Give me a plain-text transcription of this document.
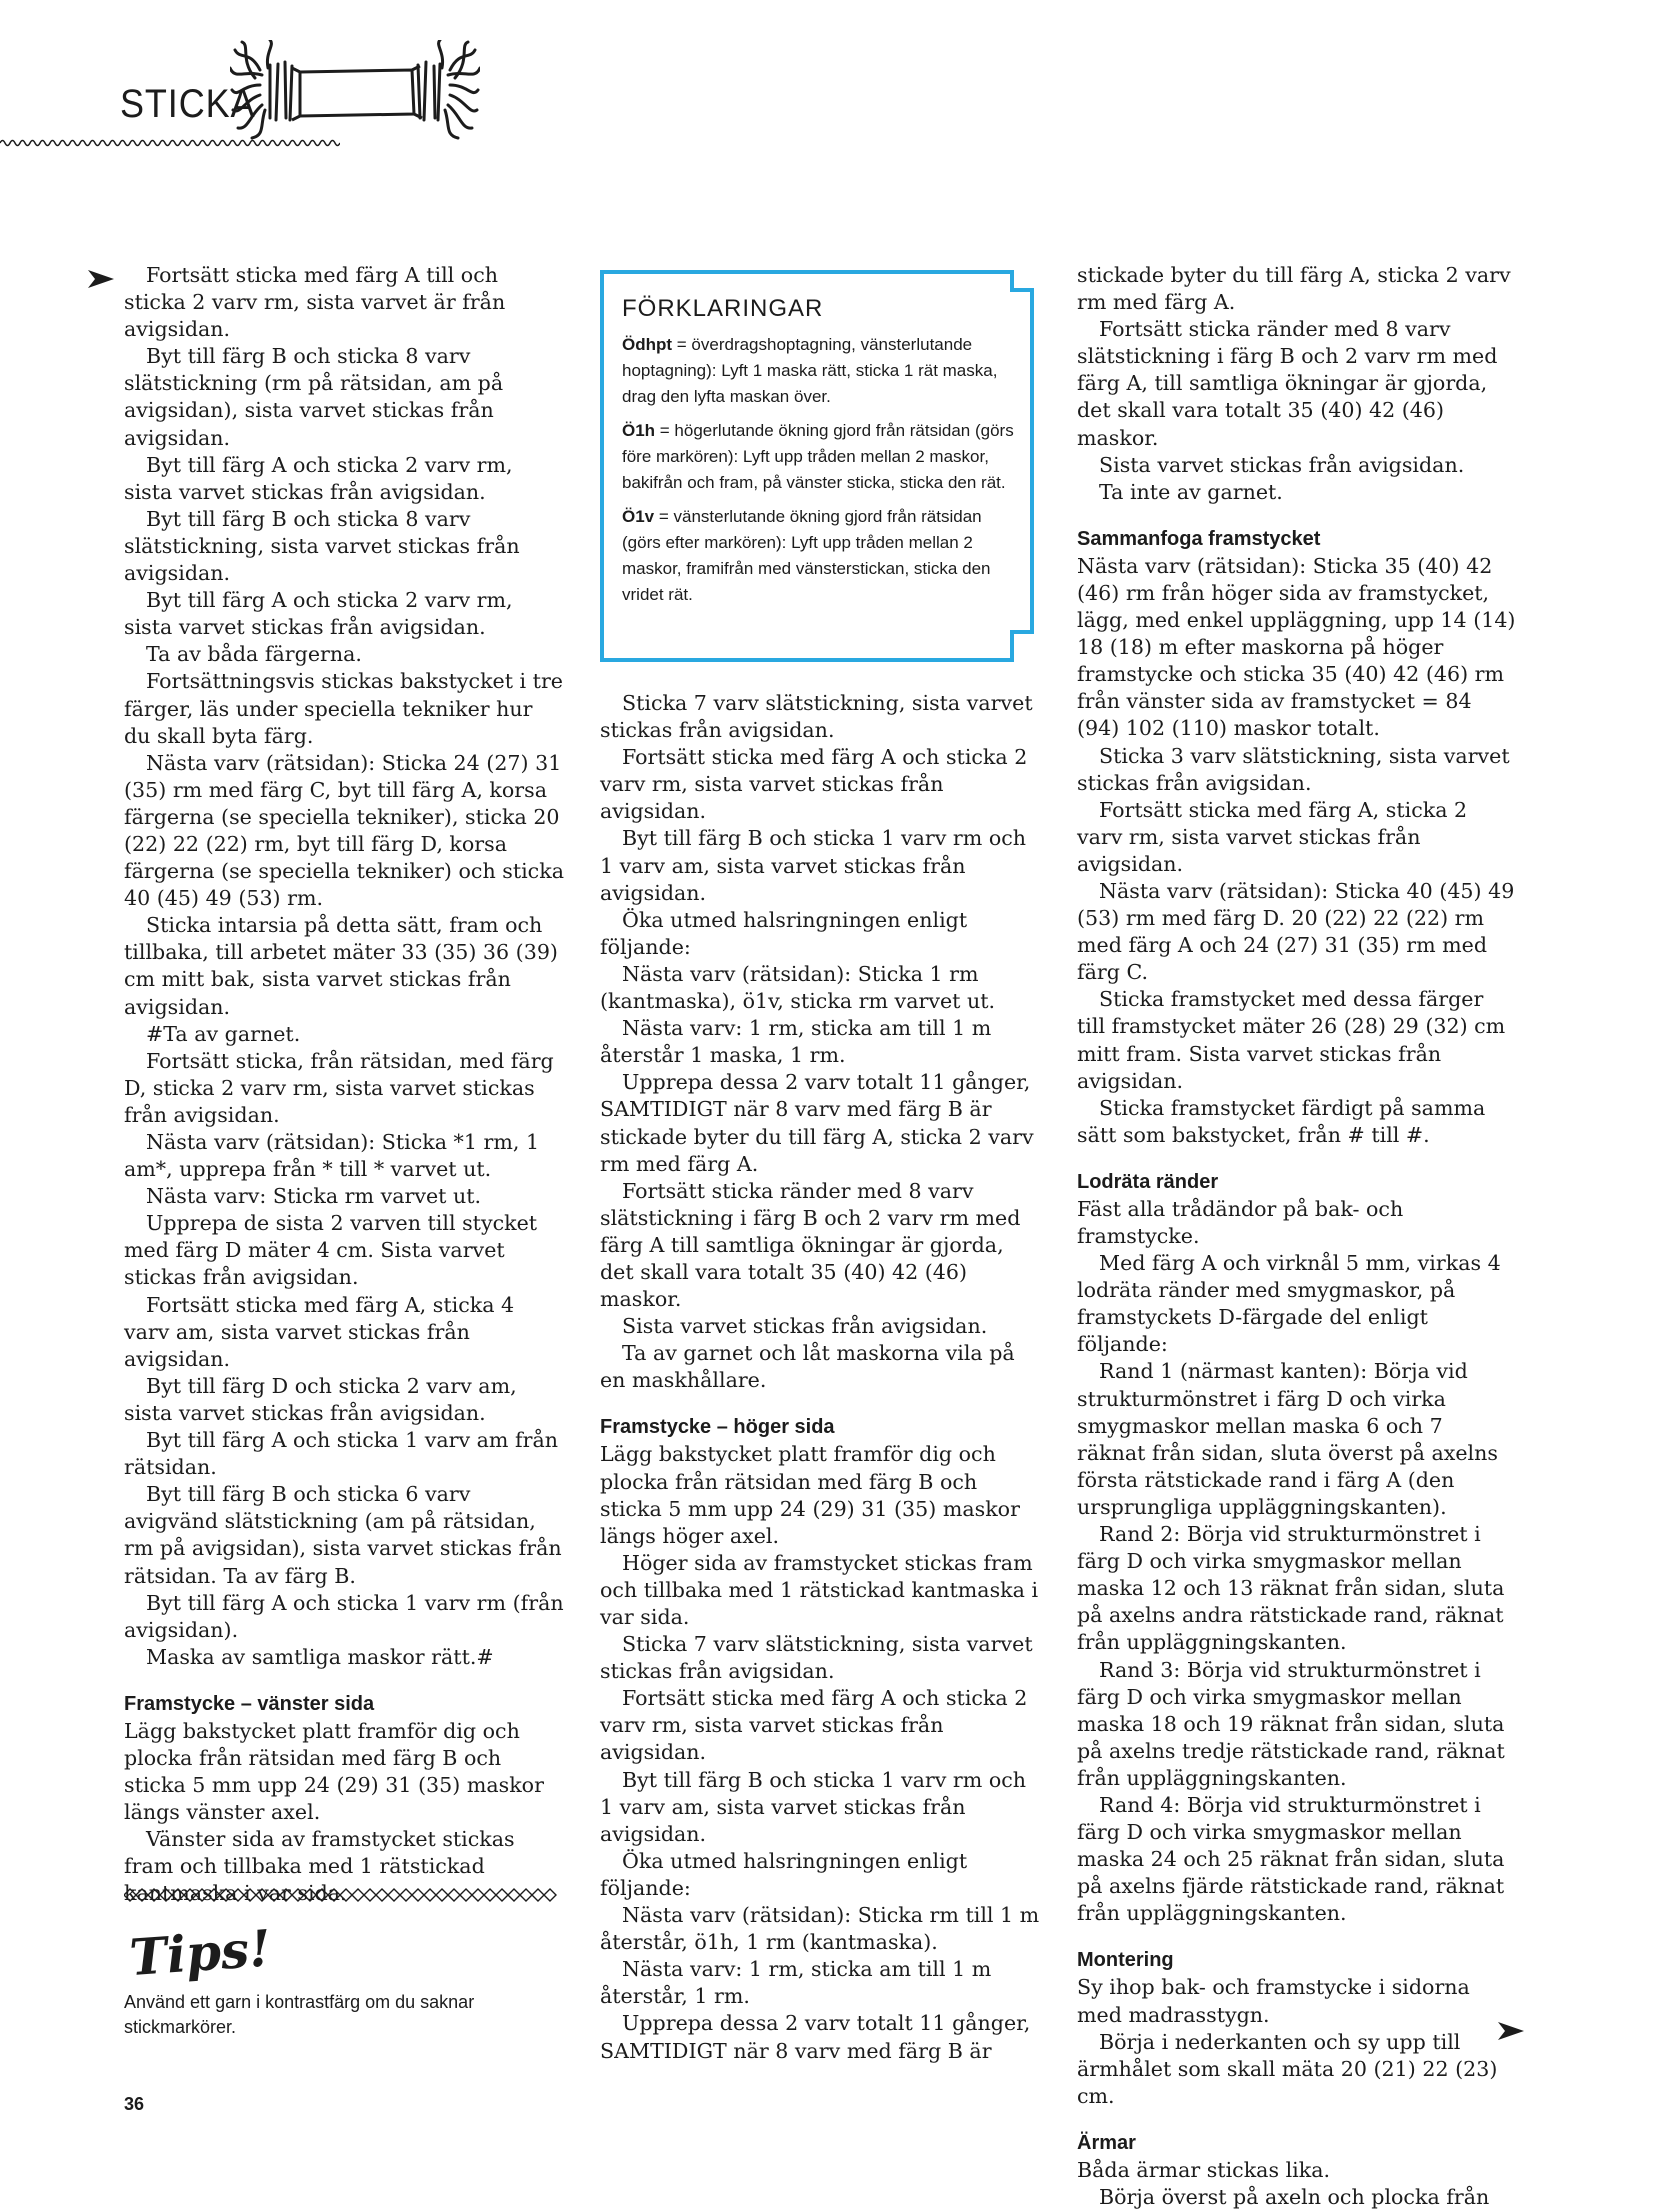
STICKA

Fortsätt sticka med färg A till och sticka 2 varv rm, sista varvet är från avigsidan.

Byt till färg B och sticka 8 varv slätstickning (rm på rätsidan, am på avigsidan), sista varvet stickas från avigsidan.

Byt till färg A och sticka 2 varv rm, sista varvet stickas från avigsidan.

Byt till färg B och sticka 8 varv slätstickning, sista varvet stickas från avigsidan.

Byt till färg A och sticka 2 varv rm, sista varvet stickas från avigsidan.

Ta av båda färgerna.

Fortsättningsvis stickas bakstycket i tre färger, läs under speciella tekniker hur du skall byta färg.

Nästa varv (rätsidan): Sticka 24 (27) 31 (35) rm med färg C, byt till färg A, korsa färgerna (se speciella tekniker), sticka 20 (22) 22 (22) rm, byt till färg D, korsa färgerna (se speciella tekniker) och sticka 40 (45) 49 (53) rm.

Sticka intarsia på detta sätt, fram och tillbaka, till arbetet mäter 33 (35) 36 (39) cm mitt bak, sista varvet stickas från avigsidan.

#Ta av garnet.

Fortsätt sticka, från rätsidan, med färg D, sticka 2 varv rm, sista varvet stickas från avigsidan.

Nästa varv (rätsidan): Sticka *1 rm, 1 am*, upprepa från * till * varvet ut.

Nästa varv: Sticka rm varvet ut.

Upprepa de sista 2 varven till stycket med färg D mäter 4 cm. Sista varvet stickas från avigsidan.

Fortsätt sticka med färg A, sticka 4 varv am, sista varvet stickas från avigsidan.

Byt till färg D och sticka 2 varv am, sista varvet stickas från avigsidan.

Byt till färg A och sticka 1 varv am från rätsidan.

Byt till färg B och sticka 6 varv avigvänd slätstickning (am på rätsidan, rm på avigsidan), sista varvet stickas från rätsidan. Ta av färg B.

Byt till färg A och sticka 1 varv rm (från avigsidan).

Maska av samtliga maskor rätt.#

Framstycke – vänster sida

Lägg bakstycket platt framför dig och plocka från rätsidan med färg B och sticka 5 mm upp 24 (29) 31 (35) maskor längs vänster axel.

Vänster sida av framstycket stickas fram och tillbaka med 1 rätstickad kantmaska i var sida.

FÖRKLARINGAR

Ödhpt = överdragshoptagning, vänsterlutande hoptagning): Lyft 1 maska rätt, sticka 1 rät maska, drag den lyfta maskan över.

Ö1h = högerlutande ökning gjord från rätsidan (görs före markören): Lyft upp tråden mellan 2 maskor, bakifrån och fram, på vänster sticka, sticka den rät.

Ö1v = vänsterlutande ökning gjord från rätsidan (görs efter markören): Lyft upp tråden mellan 2 maskor, framifrån med vänsterstickan, sticka den vridet rät.

Sticka 7 varv slätstickning, sista varvet stickas från avigsidan.

Fortsätt sticka med färg A och sticka 2 varv rm, sista varvet stickas från avigsidan.

Byt till färg B och sticka 1 varv rm och 1 varv am, sista varvet stickas från avigsidan.

Öka utmed halsringningen enligt följande:

Nästa varv (rätsidan): Sticka 1 rm (kantmaska), ö1v, sticka rm varvet ut.

Nästa varv: 1 rm, sticka am till 1 m återstår 1 maska, 1 rm.

Upprepa dessa 2 varv totalt 11 gånger, SAMTIDIGT när 8 varv med färg B är stickade byter du till färg A, sticka 2 varv rm med färg A.

Fortsätt sticka ränder med 8 varv slätstickning i färg B och 2 varv rm med färg A till samtliga ökningar är gjorda, det skall vara totalt 35 (40) 42 (46) maskor.

Sista varvet stickas från avigsidan.

Ta av garnet och låt maskorna vila på en maskhållare.

Framstycke – höger sida

Lägg bakstycket platt framför dig och plocka från rätsidan med färg B och sticka 5 mm upp 24 (29) 31 (35) maskor längs höger axel.

Höger sida av framstycket stickas fram och tillbaka med 1 rätstickad kantmaska i var sida.

Sticka 7 varv slätstickning, sista varvet stickas från avigsidan.

Fortsätt sticka med färg A och sticka 2 varv rm, sista varvet stickas från avigsidan.

Byt till färg B och sticka 1 varv rm och 1 varv am, sista varvet stickas från avigsidan.

Öka utmed halsringningen enligt följande:

Nästa varv (rätsidan): Sticka rm till 1 m återstår, ö1h, 1 rm (kantmaska).

Nästa varv: 1 rm, sticka am till 1 m återstår, 1 rm.

Upprepa dessa 2 varv totalt 11 gånger, SAMTIDIGT när 8 varv med färg B är

stickade byter du till färg A, sticka 2 varv rm med färg A.

Fortsätt sticka ränder med 8 varv slätstickning i färg B och 2 varv rm med färg A, till samtliga ökningar är gjorda, det skall vara totalt 35 (40) 42 (46) maskor.

Sista varvet stickas från avigsidan.

Ta inte av garnet.

Sammanfoga framstycket

Nästa varv (rätsidan): Sticka 35 (40) 42 (46) rm från höger sida av framstycket, lägg, med enkel uppläggning, upp 14 (14) 18 (18) m efter maskorna på höger framstycke och sticka 35 (40) 42 (46) rm från vänster sida av framstycket = 84 (94) 102 (110) maskor totalt.

Sticka 3 varv slätstickning, sista varvet stickas från avigsidan.

Fortsätt sticka med färg A, sticka 2 varv rm, sista varvet stickas från avigsidan.

Nästa varv (rätsidan): Sticka 40 (45) 49 (53) rm med färg D. 20 (22) 22 (22) rm med färg A och 24 (27) 31 (35) rm med färg C.

Sticka framstycket med dessa färger till framstycket mäter 26 (28) 29 (32) cm mitt fram. Sista varvet stickas från avigsidan.

Sticka framstycket färdigt på samma sätt som bakstycket, från # till #.

Lodräta ränder

Fäst alla trådändor på bak- och framstycke.

Med färg A och virknål 5 mm, virkas 4 lodräta ränder med smygmaskor, på framstyckets D-färgade del enligt följande:

Rand 1 (närmast kanten): Börja vid strukturmönstret i färg D och virka smygmaskor mellan maska 6 och 7 räknat från sidan, sluta överst på axelns första rätstickade rand i färg A (den ursprungliga uppläggningskanten).

Rand 2: Börja vid strukturmönstret i färg D och virka smygmaskor mellan maska 12 och 13 räknat från sidan, sluta på axelns andra rätstickade rand, räknat från uppläggningskanten.

Rand 3: Börja vid strukturmönstret i färg D och virka smygmaskor mellan maska 18 och 19 räknat från sidan, sluta på axelns tredje rätstickade rand, räknat från uppläggningskanten.

Rand 4: Börja vid strukturmönstret i färg D och virka smygmaskor mellan maska 24 och 25 räknat från sidan, sluta på axelns fjärde rätstickade rand, räknat från uppläggningskanten.

Montering

Sy ihop bak- och framstycke i sidorna med madrasstygn.

Börja i nederkanten och sy upp till ärmhålet som skall mäta 20 (21) 22 (23) cm.

Ärmar

Båda ärmar stickas lika.

Börja överst på axeln och plocka från

Tips!
Använd ett garn i kontrastfärg om du saknar stickmarkörer.
36
